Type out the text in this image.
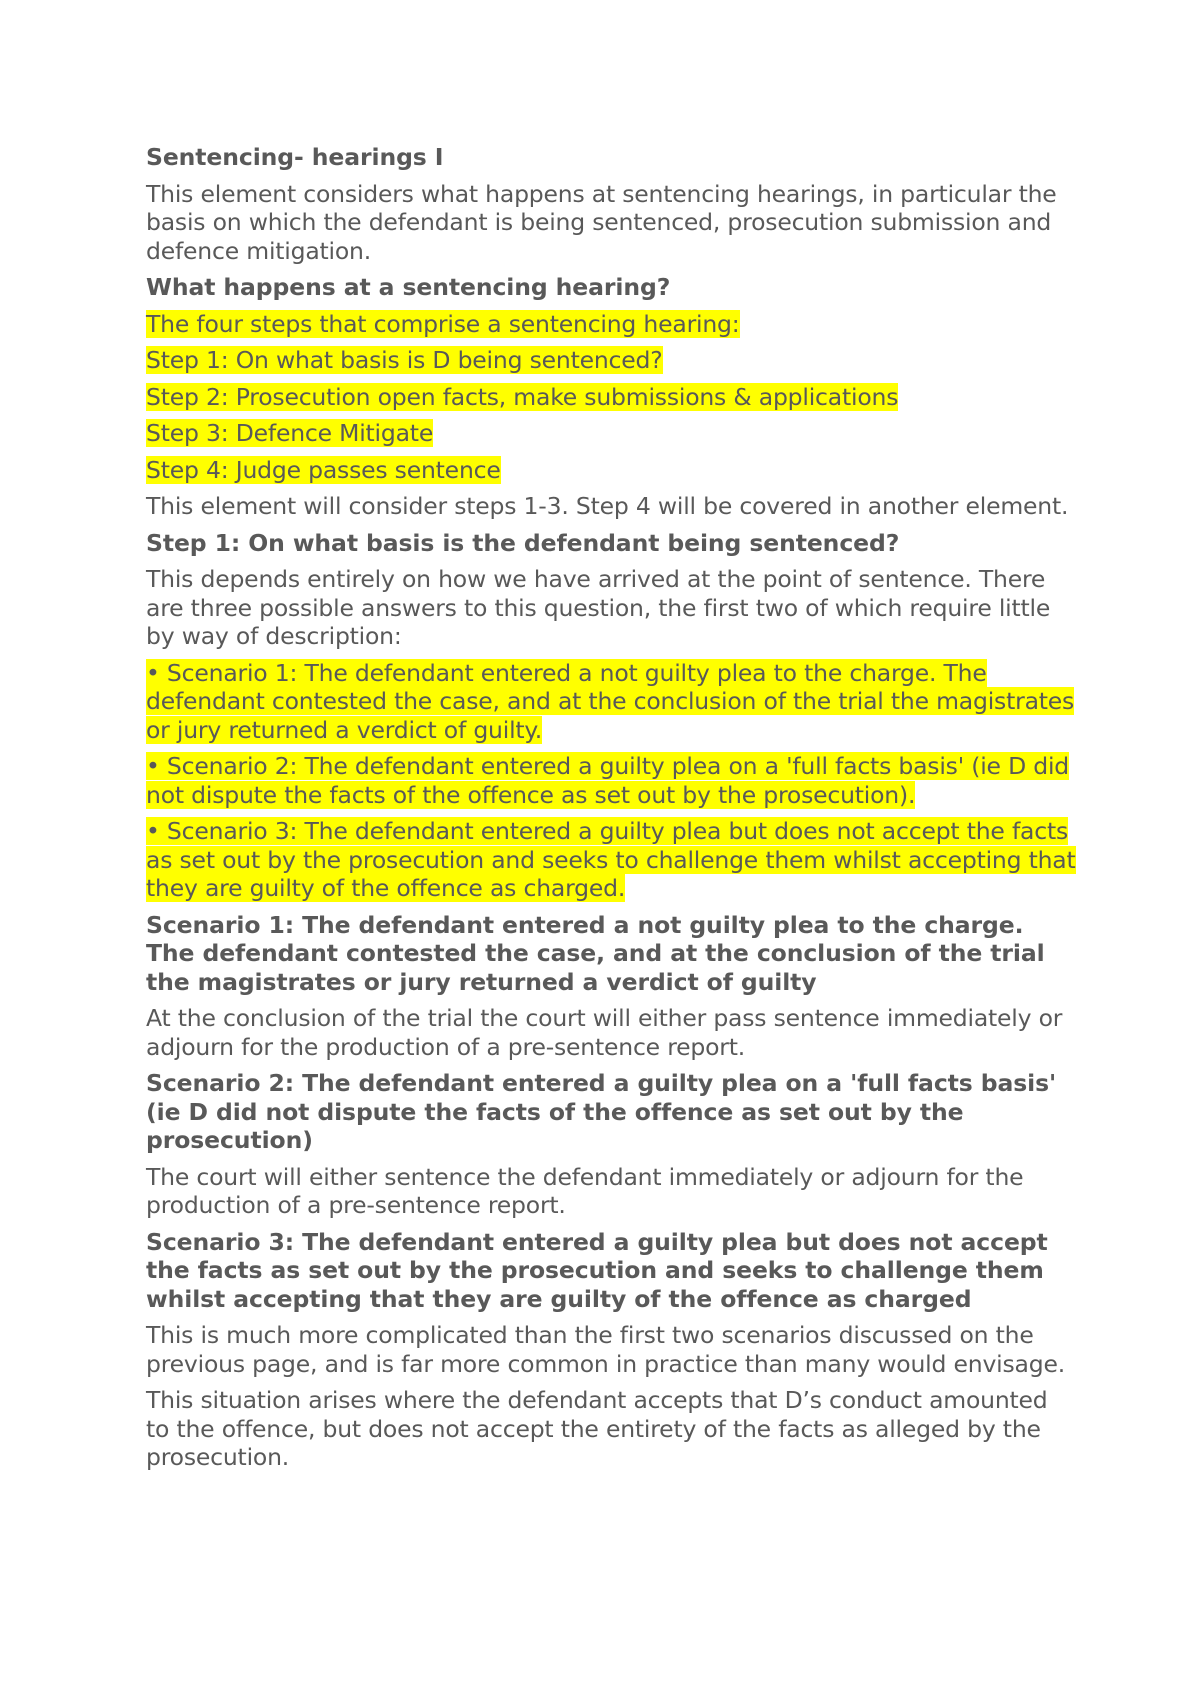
Sentencing- hearings I

This element considers what happens at sentencing hearings, in particular the basis on which the defendant is being sentenced, prosecution submission and defence mitigation.

What happens at a sentencing hearing?

The four steps that comprise a sentencing hearing:

Step 1: On what basis is D being sentenced?

Step 2: Prosecution open facts, make submissions & applications

Step 3: Defence Mitigate

Step 4: Judge passes sentence

This element will consider steps 1-3. Step 4 will be covered in another element.

Step 1: On what basis is the defendant being sentenced?

This depends entirely on how we have arrived at the point of sentence. There are three possible answers to this question, the first two of which require little by way of description:

• Scenario 1: The defendant entered a not guilty plea to the charge. The defendant contested the case, and at the conclusion of the trial the magistrates or jury returned a verdict of guilty.

• Scenario 2: The defendant entered a guilty plea on a 'full facts basis' (ie D did not dispute the facts of the offence as set out by the prosecution).

• Scenario 3: The defendant entered a guilty plea but does not accept the facts as set out by the prosecution and seeks to challenge them whilst accepting that they are guilty of the offence as charged.

Scenario 1: The defendant entered a not guilty plea to the charge. The defendant contested the case, and at the conclusion of the trial the magistrates or jury returned a verdict of guilty

At the conclusion of the trial the court will either pass sentence immediately or adjourn for the production of a pre-sentence report.

Scenario 2: The defendant entered a guilty plea on a 'full facts basis' (ie D did not dispute the facts of the offence as set out by the prosecution)

The court will either sentence the defendant immediately or adjourn for the production of a pre-sentence report.

Scenario 3: The defendant entered a guilty plea but does not accept the facts as set out by the prosecution and seeks to challenge them whilst accepting that they are guilty of the offence as charged

This is much more complicated than the first two scenarios discussed on the previous page, and is far more common in practice than many would envisage.

This situation arises where the defendant accepts that D’s conduct amounted to the offence, but does not accept the entirety of the facts as alleged by the prosecution.
